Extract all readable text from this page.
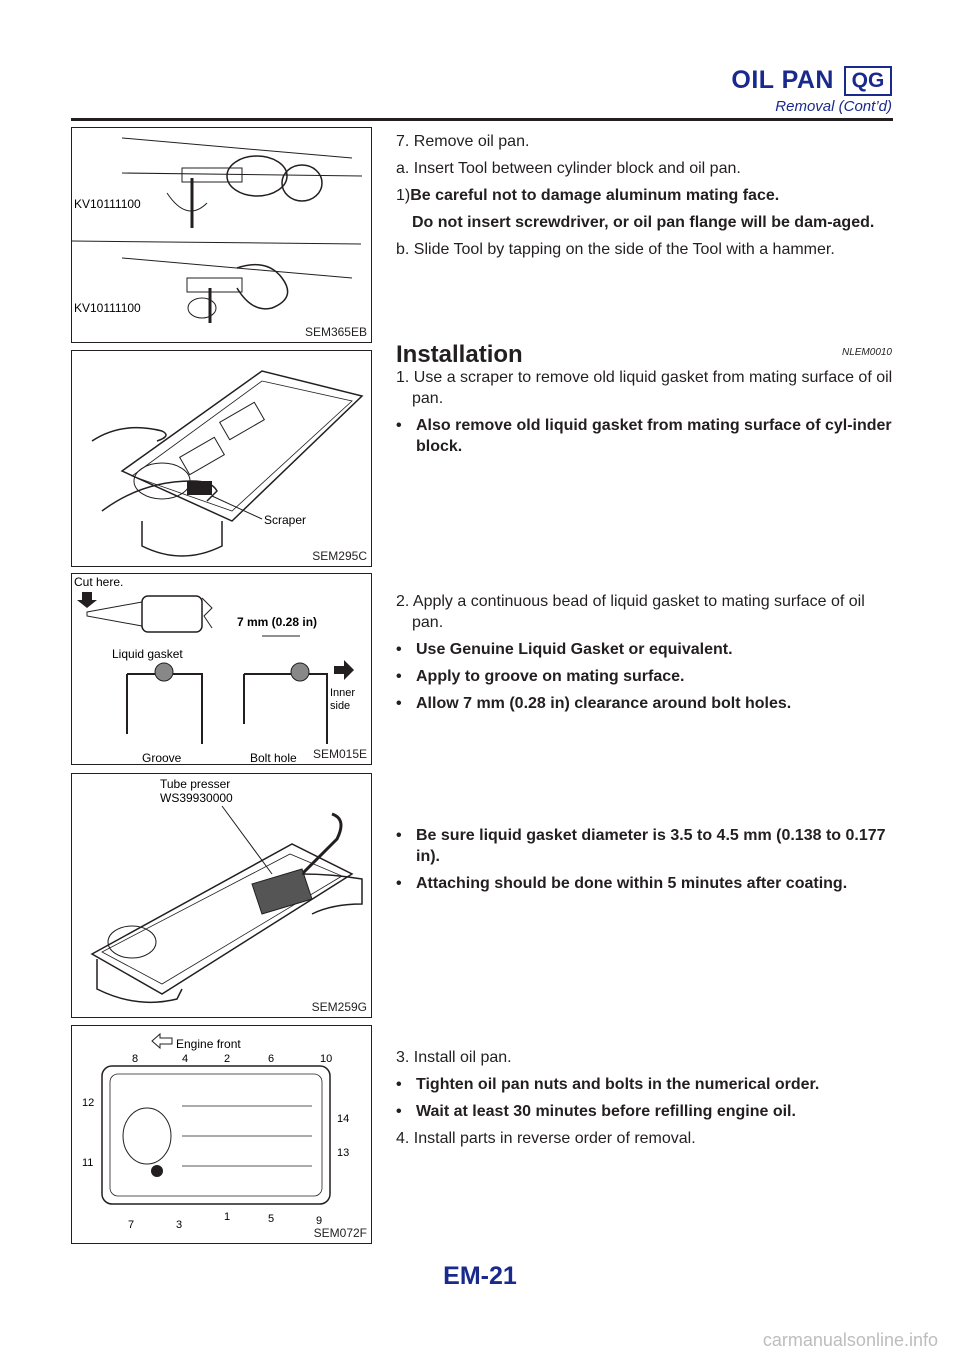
OIL PAN QG
Removal (Cont’d)
KV10111100
KV10111100
SEM365EB
Scraper
SEM295C
Cut here.
Liquid gasket
7 mm (0.28 in)
Inner
side
Groove	Bolt hole SEM015E
Tube presser
WS39930000
SEM259G
Engine front
8	4	2	6	10
12
14
11
13
7	3
1	5	9
SEM072F

7. Remove oil pan.

a. Insert Tool between cylinder block and oil pan.

1)Be careful not to damage aluminum mating face.

Do not insert screwdriver, or oil pan flange will be dam-aged.

b. Slide Tool by tapping on the side of the Tool with a hammer.

Installation	NLEM0010

1. Use a scraper to remove old liquid gasket from mating surface of oil pan.

• Also remove old liquid gasket from mating surface of cyl-inder block.

2. Apply a continuous bead of liquid gasket to mating surface of oil pan.

• Use Genuine Liquid Gasket or equivalent.
• Apply to groove on mating surface.
• Allow 7 mm (0.28 in) clearance around bolt holes.
• Be sure liquid gasket diameter is 3.5 to 4.5 mm (0.138 to 0.177 in).
• Attaching should be done within 5 minutes after coating.

3. Install oil pan.

• Tighten oil pan nuts and bolts in the numerical order.
• Wait at least 30 minutes before refilling engine oil.

4. Install parts in reverse order of removal.

EM-21
carmanualsonline.info
